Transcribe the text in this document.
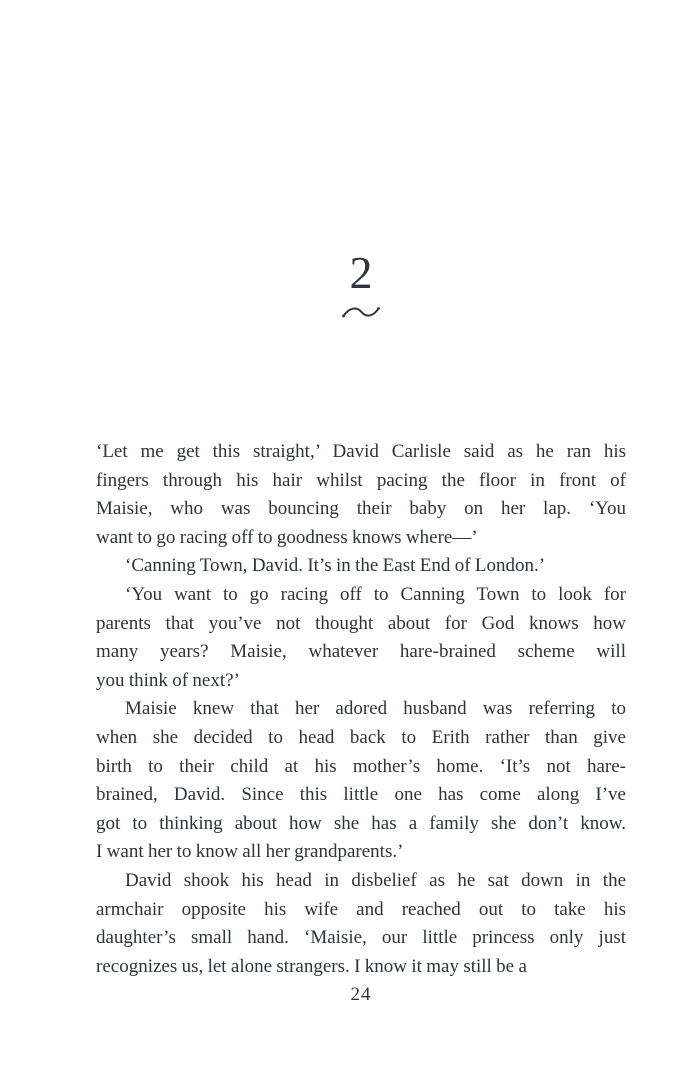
2
‘Let me get this straight,’ David Carlisle said as he ran his
fingers through his hair whilst pacing the floor in front of
Maisie, who was bouncing their baby on her lap. ‘You
want to go racing off to goodness knows where—’
‘Canning Town, David. It’s in the East End of London.’
‘You want to go racing off to Canning Town to look for
parents that you’ve not thought about for God knows how
many years? Maisie, whatever hare-brained scheme will
you think of next?’
Maisie knew that her adored husband was referring to
when she decided to head back to Erith rather than give
birth to their child at his mother’s home. ‘It’s not hare-
brained, David. Since this little one has come along I’ve
got to thinking about how she has a family she don’t know.
I want her to know all her grandparents.’
David shook his head in disbelief as he sat down in the
armchair opposite his wife and reached out to take his
daughter’s small hand. ‘Maisie, our little princess only just
recognizes us, let alone strangers. I know it may still be a
24
